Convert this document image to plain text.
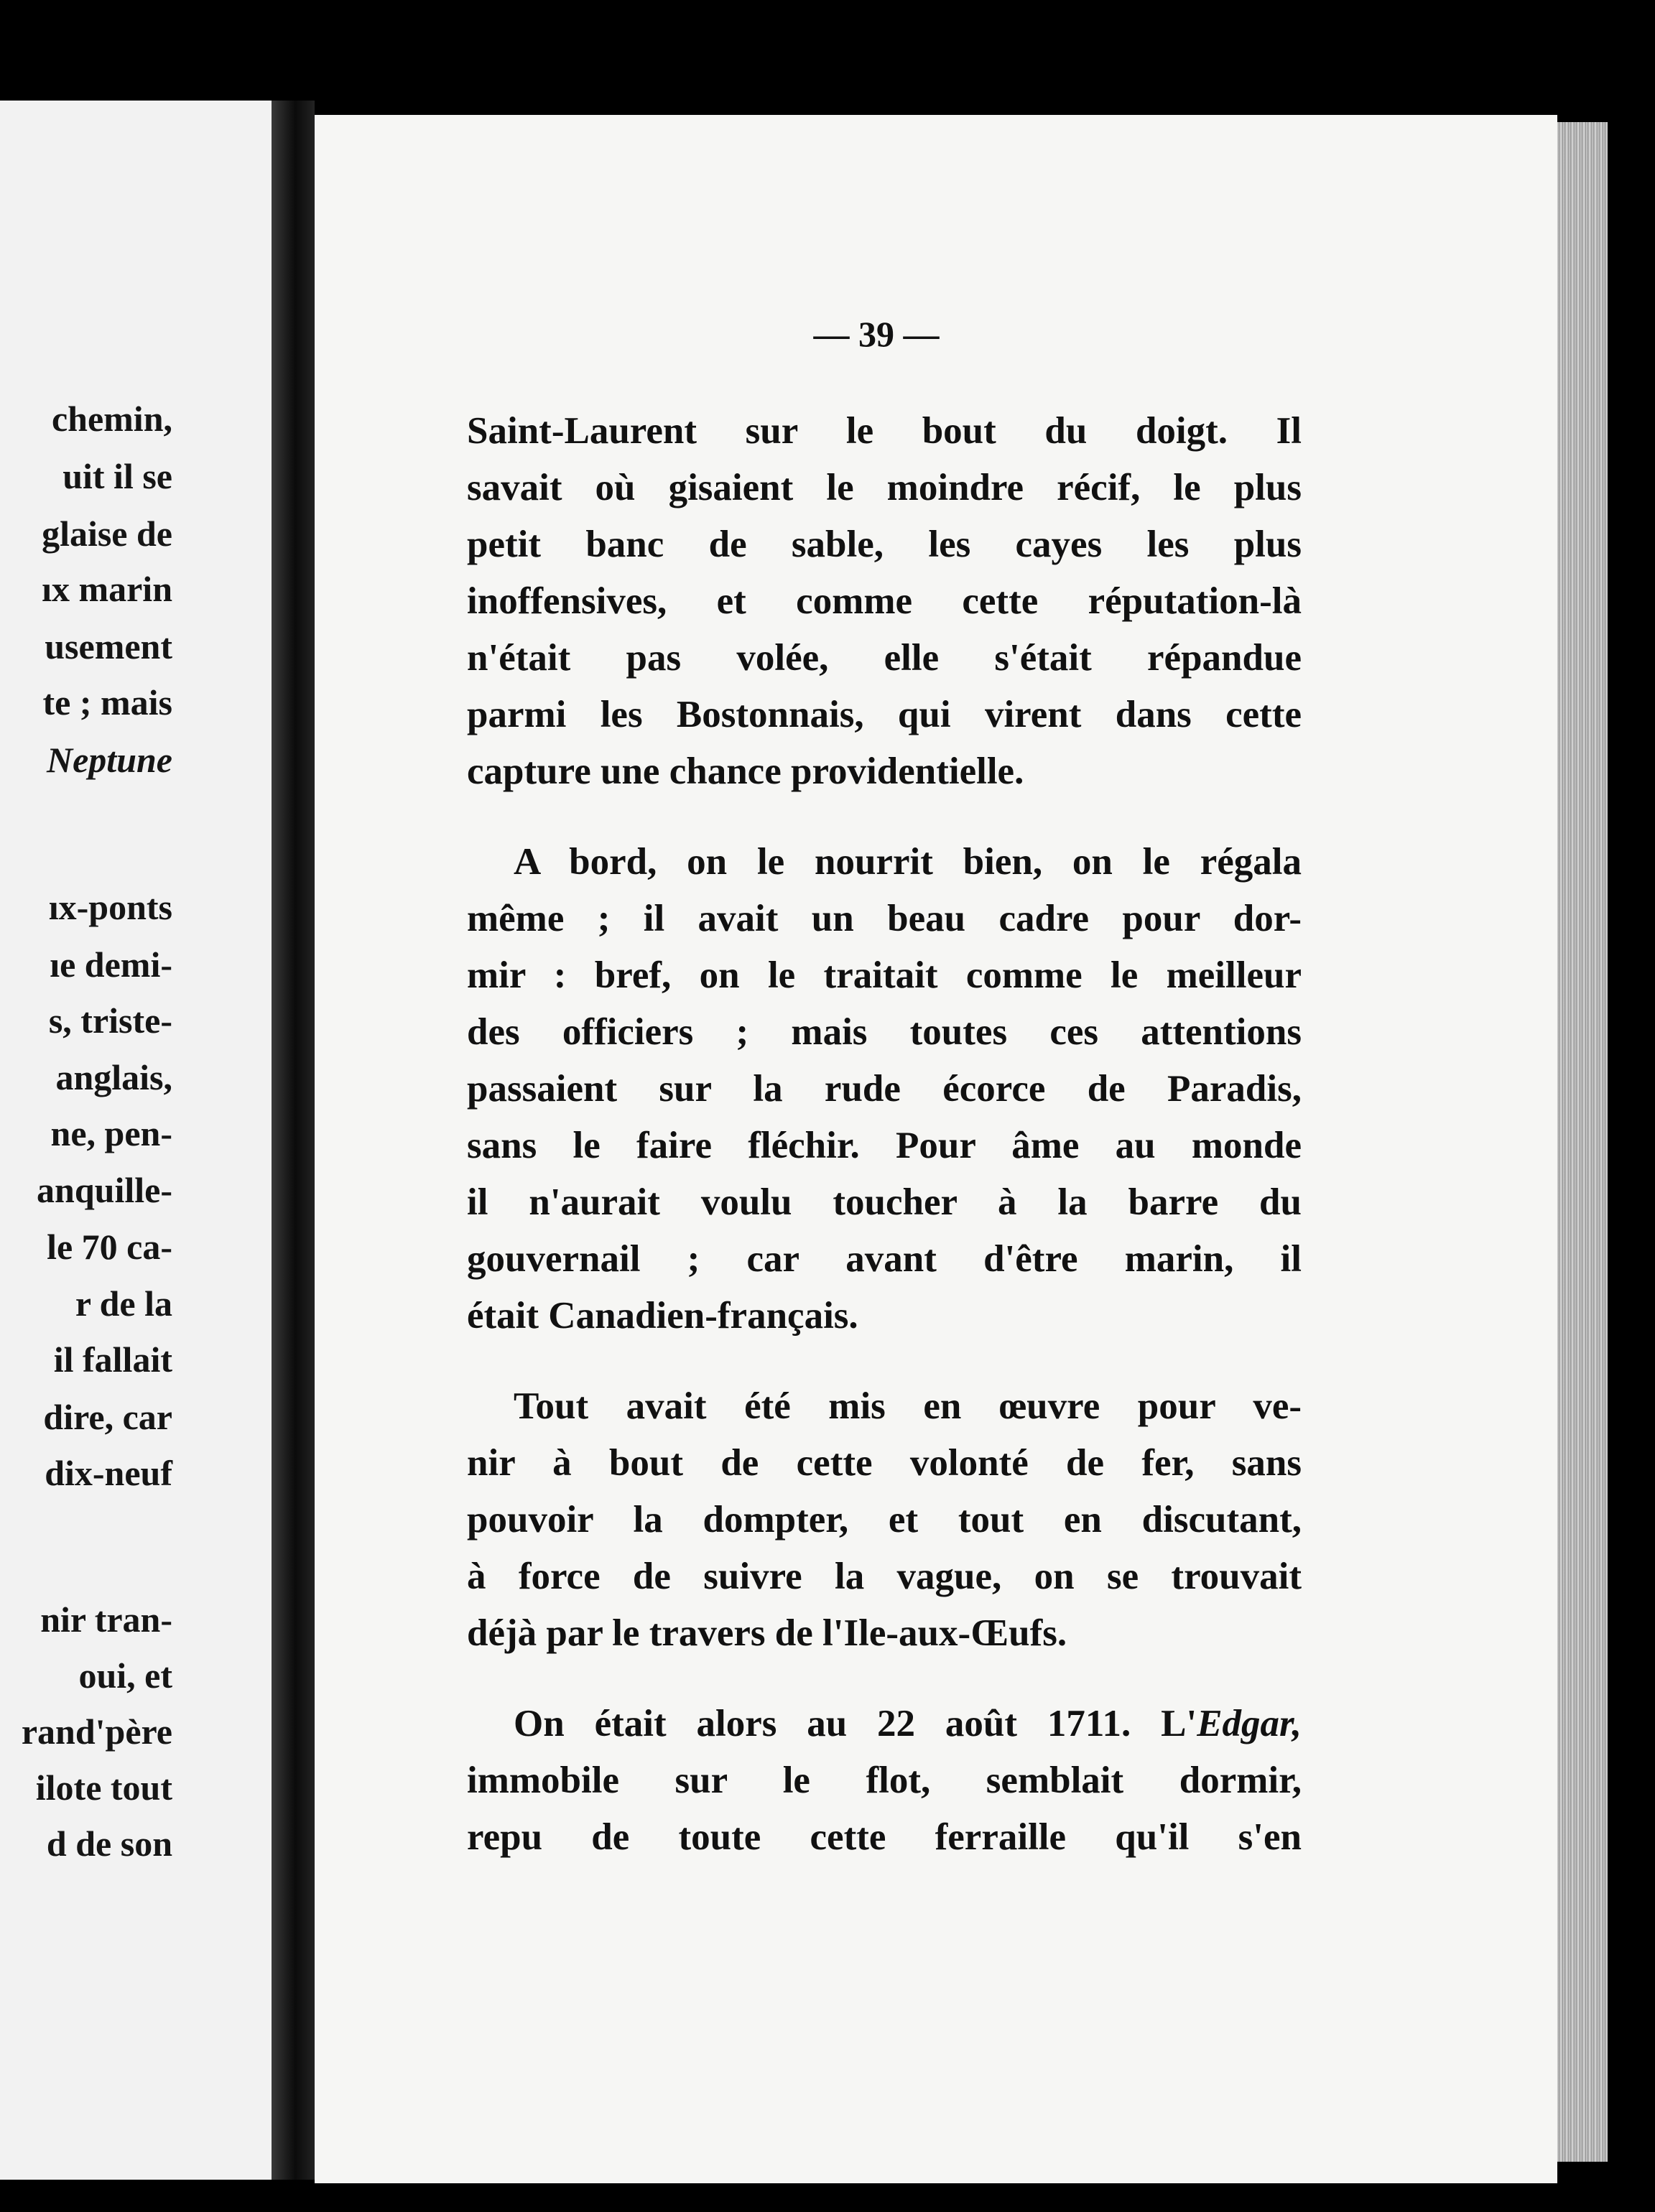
chemin,
uit il se
glaise de
ıx marin
usement
te ; mais
Neptune
ıx-ponts
ıe demi-
s, triste-
anglais,
ne, pen-
anquille-
le 70 ca-
r de la
il fallait
dire, car
dix-neuf
nir tran-
oui, et
rand'père
ilote tout
d de son
— 39 —
Saint-Laurent sur le bout du doigt. Il
savait où gisaient le moindre récif, le plus
petit banc de sable, les cayes les plus
inoffensives, et comme cette réputation-là
n'était pas volée, elle s'était répandue
parmi les Bostonnais, qui virent dans cette
capture une chance providentielle.
A bord, on le nourrit bien, on le régala
même ; il avait un beau cadre pour dor-
mir : bref, on le traitait comme le meilleur
des officiers ; mais toutes ces attentions
passaient sur la rude écorce de Paradis,
sans le faire fléchir. Pour âme au monde
il n'aurait voulu toucher à la barre du
gouvernail ; car avant d'être marin, il
était Canadien-français.
Tout avait été mis en œuvre pour ve-
nir à bout de cette volonté de fer, sans
pouvoir la dompter, et tout en discutant,
à force de suivre la vague, on se trouvait
déjà par le travers de l'Ile-aux-Œufs.
On était alors au 22 août 1711. L'Edgar,
immobile sur le flot, semblait dormir,
repu de toute cette ferraille qu'il s'en
